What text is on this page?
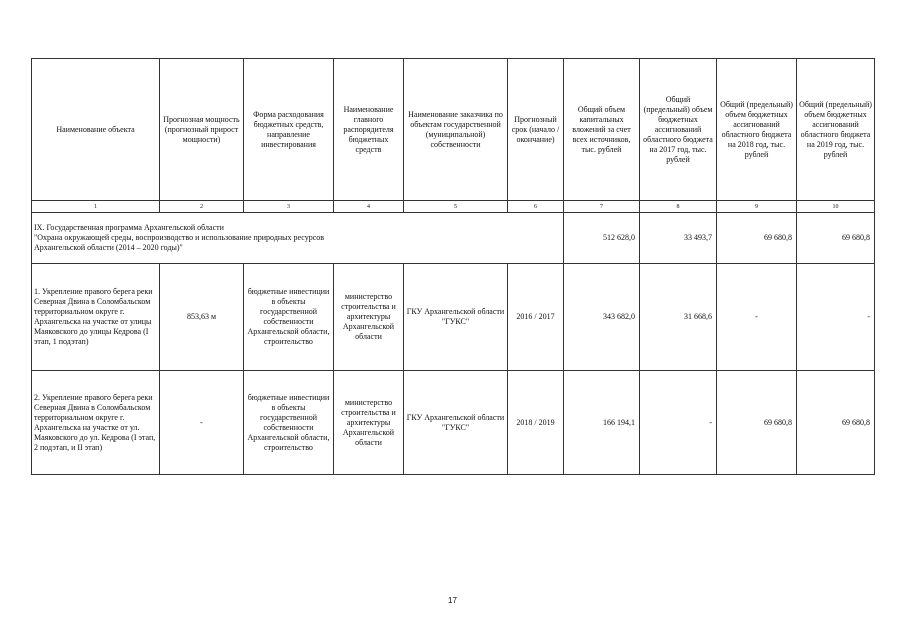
Наименование объекта	Прогнозная мощность (прогнозный прирост мощности)	Форма расходования бюджетных средств, направление инвестирования	Наименование главного распорядителя бюджетных средств	Наименование заказчика по объектам государственной (муниципальной) собственности	Прогнозный срок (начало / окончание)	Общий объем капитальных вложений за счет всех источников, тыс. рублей	Общий (предельный) объем бюджетных ассигнований областного бюджета на 2017 год, тыс. рублей	Общий (предельный) объем бюджетных ассигнований областного бюджета на 2018 год, тыс. рублей	Общий (предельный) объем бюджетных ассигнований областного бюджета на 2019 год, тыс. рублей
1	2	3	4	5	6	7	8	9	10

IX. Государственная программа Архангельской области
"Охрана окружающей среды, воспроизводство и использование природных ресурсов
Архангельской области (2014 – 2020 годы)"						512 628,0	33 493,7	69 680,8	69 680,8
1. Укрепление правого берега реки Северная Двина в Соломбальском территориальном округе г. Архангельска на участке от улицы Маяковского до улицы Кедрова (I этап, 1 подэтап)	853,63 м	бюджетные инвестиции в объекты государственной собственности Архангельской области, строительство	министерство строительства и архитектуры Архангельской области	ГКУ Архангельской области "ГУКС"	2016 / 2017	343 682,0	31 668,6	-	-
2. Укрепление правого берега реки Северная Двина в Соломбальском территориальном округе г. Архангельска на участке от ул. Маяковского до ул. Кедрова (I этап, 2 подэтап, и II этап)	-	бюджетные инвестиции в объекты государственной собственности Архангельской области, строительство	министерство строительства и архитектуры Архангельской области	ГКУ Архангельской области "ГУКС"	2018 / 2019	166 194,1	-	69 680,8	69 680,8
17
